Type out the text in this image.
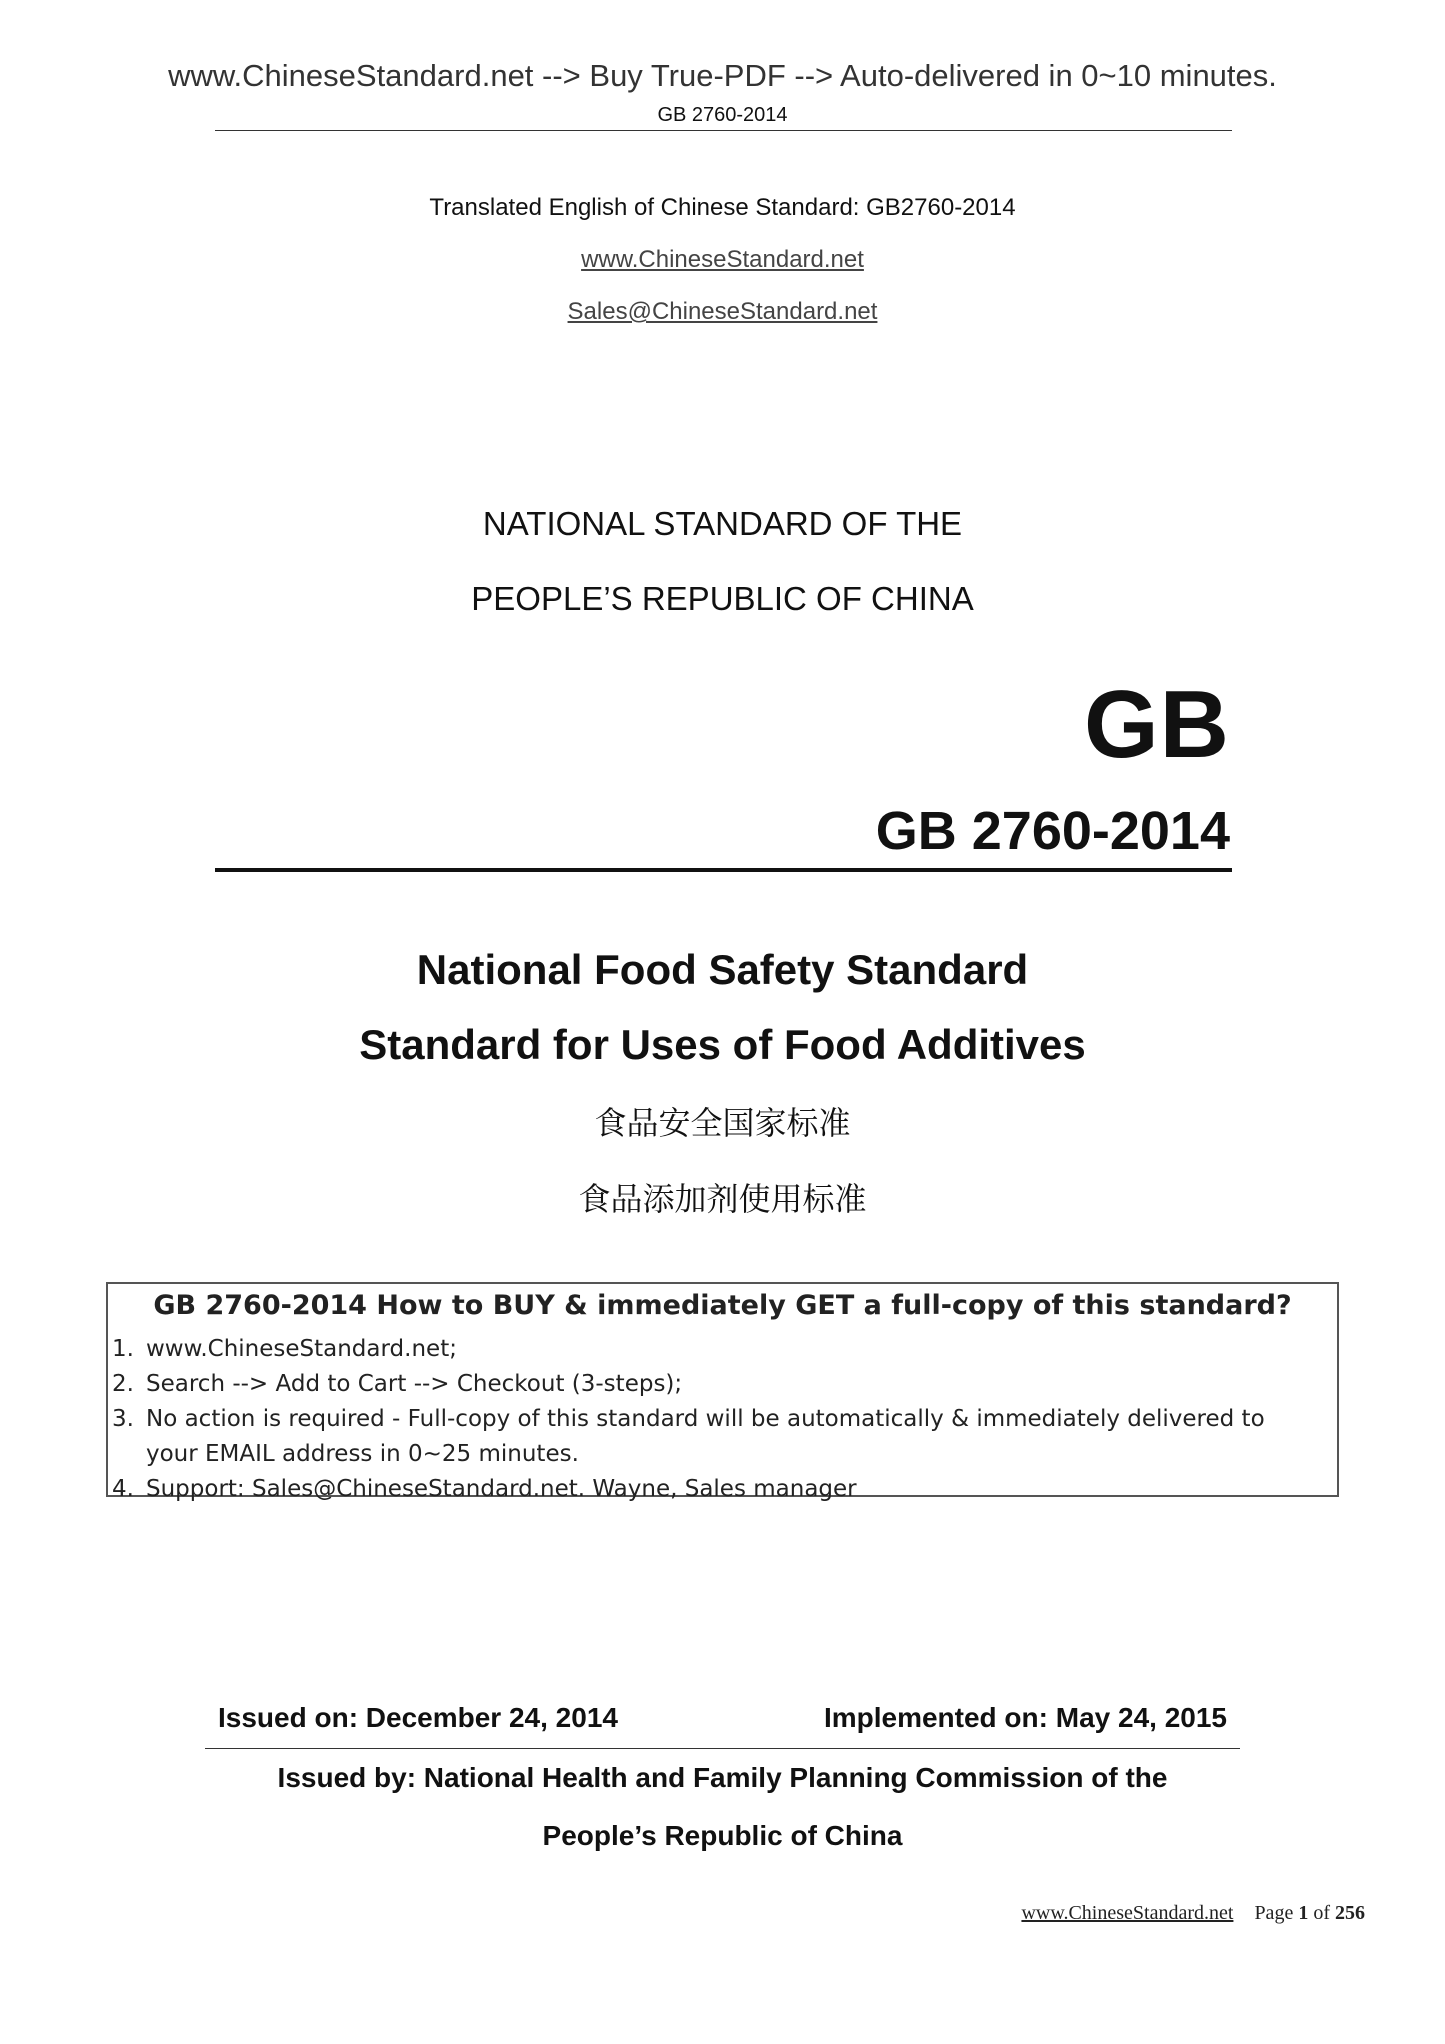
www.ChineseStandard.net --> Buy True-PDF --> Auto-delivered in 0~10 minutes.
GB 2760-2014
Translated English of Chinese Standard: GB2760-2014
www.ChineseStandard.net
Sales@ChineseStandard.net
NATIONAL STANDARD OF THE
PEOPLE’S REPUBLIC OF CHINA
GB
GB 2760-2014
National Food Safety Standard
Standard for Uses of Food Additives
食品安全国家标准
食品添加剂使用标准
GB 2760-2014 How to BUY & immediately GET a full-copy of this standard?
1. www.ChineseStandard.net;
2. Search --> Add to Cart --> Checkout (3-steps);
3. No action is required - Full-copy of this standard will be automatically & immediately delivered to your EMAIL address in 0~25 minutes.
4. Support: Sales@ChineseStandard.net. Wayne, Sales manager
Issued on: December 24, 2014	Implemented on: May 24, 2015
Issued by: National Health and Family Planning Commission of the
People’s Republic of China
www.ChineseStandard.net Page 1 of 256
